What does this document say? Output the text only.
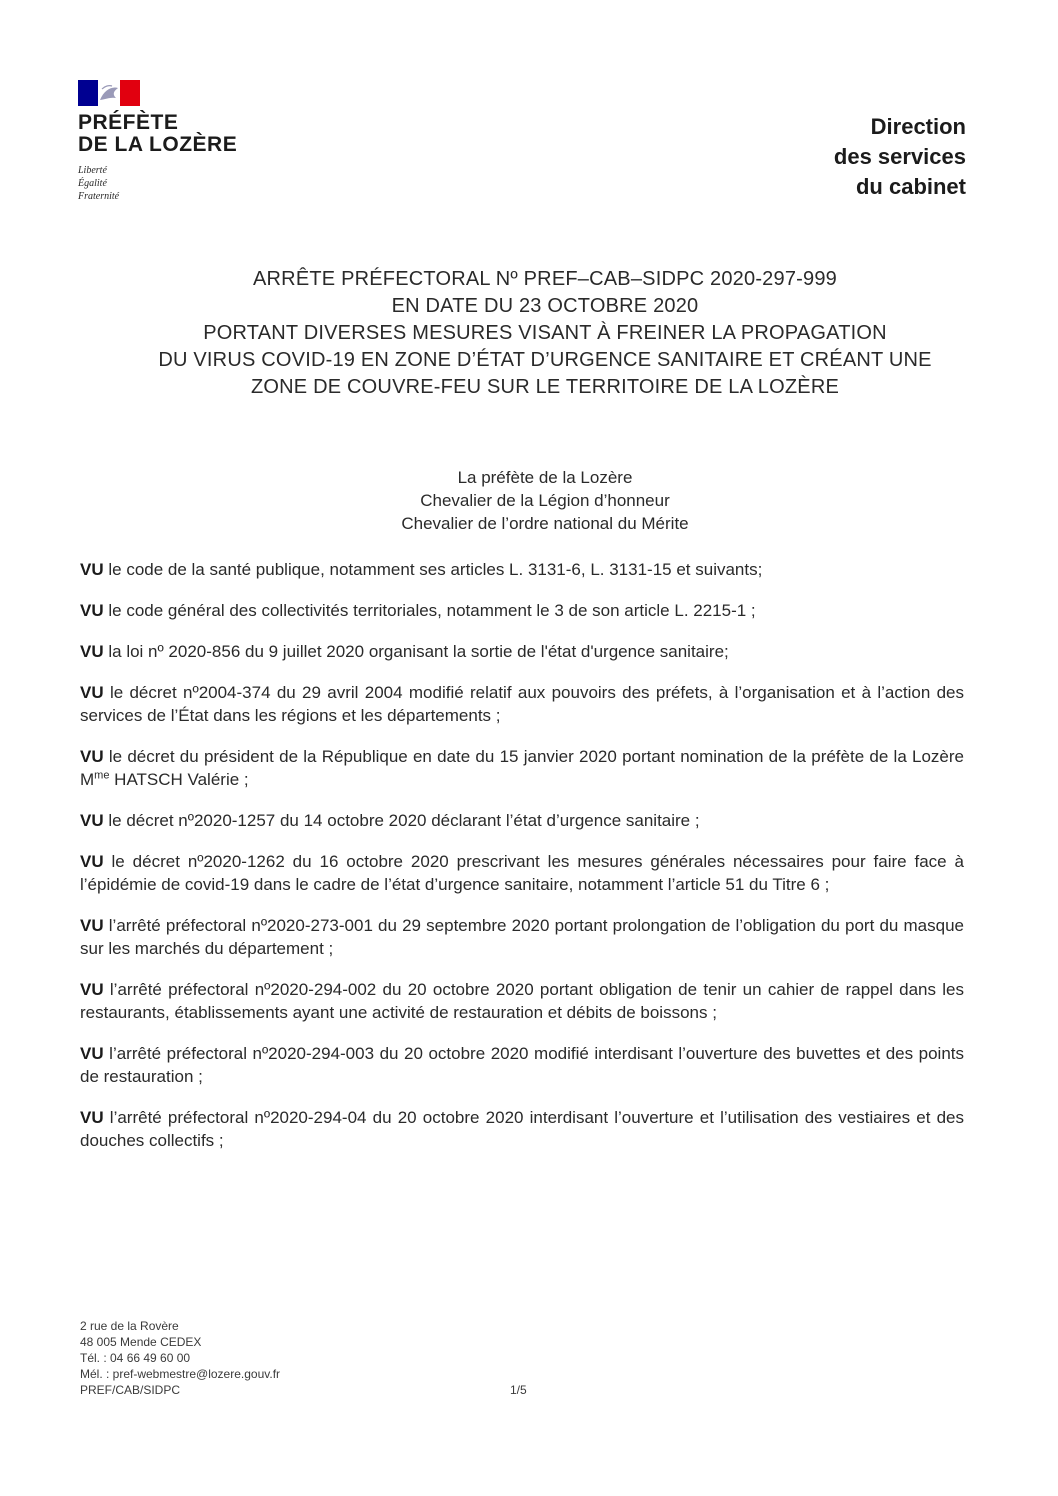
PRÉFÈTE
DE LA LOZÈRE
Liberté
Égalité
Fraternité
Direction
des services
du cabinet
ARRÊTE PRÉFECTORAL Nº PREF–CAB–SIDPC 2020-297-999
EN DATE DU 23 OCTOBRE 2020
PORTANT DIVERSES MESURES VISANT À FREINER LA PROPAGATION
DU VIRUS COVID-19 EN ZONE D’ÉTAT D’URGENCE SANITAIRE ET CRÉANT UNE
ZONE DE COUVRE-FEU SUR LE TERRITOIRE DE LA LOZÈRE
La préfète de la Lozère
Chevalier de la Légion d’honneur
Chevalier de l’ordre national du Mérite

VU le code de la santé publique, notamment ses articles L. 3131-6, L. 3131-15 et suivants;

VU le code général des collectivités territoriales, notamment le 3 de son article L. 2215-1 ;

VU la loi nº 2020-856 du 9 juillet 2020 organisant la sortie de l'état d'urgence sanitaire;

VU le décret nº2004-374 du 29 avril 2004 modifié relatif aux pouvoirs des préfets, à l’organisation et à l’action des services de l’État dans les régions et les départements ;

VU le décret du président de la République en date du 15 janvier 2020 portant nomination de la préfète de la Lozère $M^{me}$ HATSCH Valérie ;

VU le décret nº2020-1257 du 14 octobre 2020 déclarant l’état d’urgence sanitaire ;

VU le décret nº2020-1262 du 16 octobre 2020 prescrivant les mesures générales nécessaires pour faire face à l’épidémie de covid-19 dans le cadre de l’état d’urgence sanitaire, notamment l’article 51 du Titre 6 ;

VU l’arrêté préfectoral nº2020-273-001 du 29 septembre 2020 portant prolongation de l’obligation du port du masque sur les marchés du département ;

VU l’arrêté préfectoral nº2020-294-002 du 20 octobre 2020 portant obligation de tenir un cahier de rappel dans les restaurants, établissements ayant une activité de restauration et débits de boissons ;

VU l’arrêté préfectoral nº2020-294-003 du 20 octobre 2020 modifié interdisant l’ouverture des buvettes et des points de restauration ;

VU l’arrêté préfectoral nº2020-294-04 du 20 octobre 2020 interdisant l’ouverture et l’utilisation des vestiaires et des douches collectifs ;

2 rue de la Rovère
48 005 Mende CEDEX
Tél. : 04 66 49 60 00
Mél. : pref-webmestre@lozere.gouv.fr
PREF/CAB/SIDPC	1/5
